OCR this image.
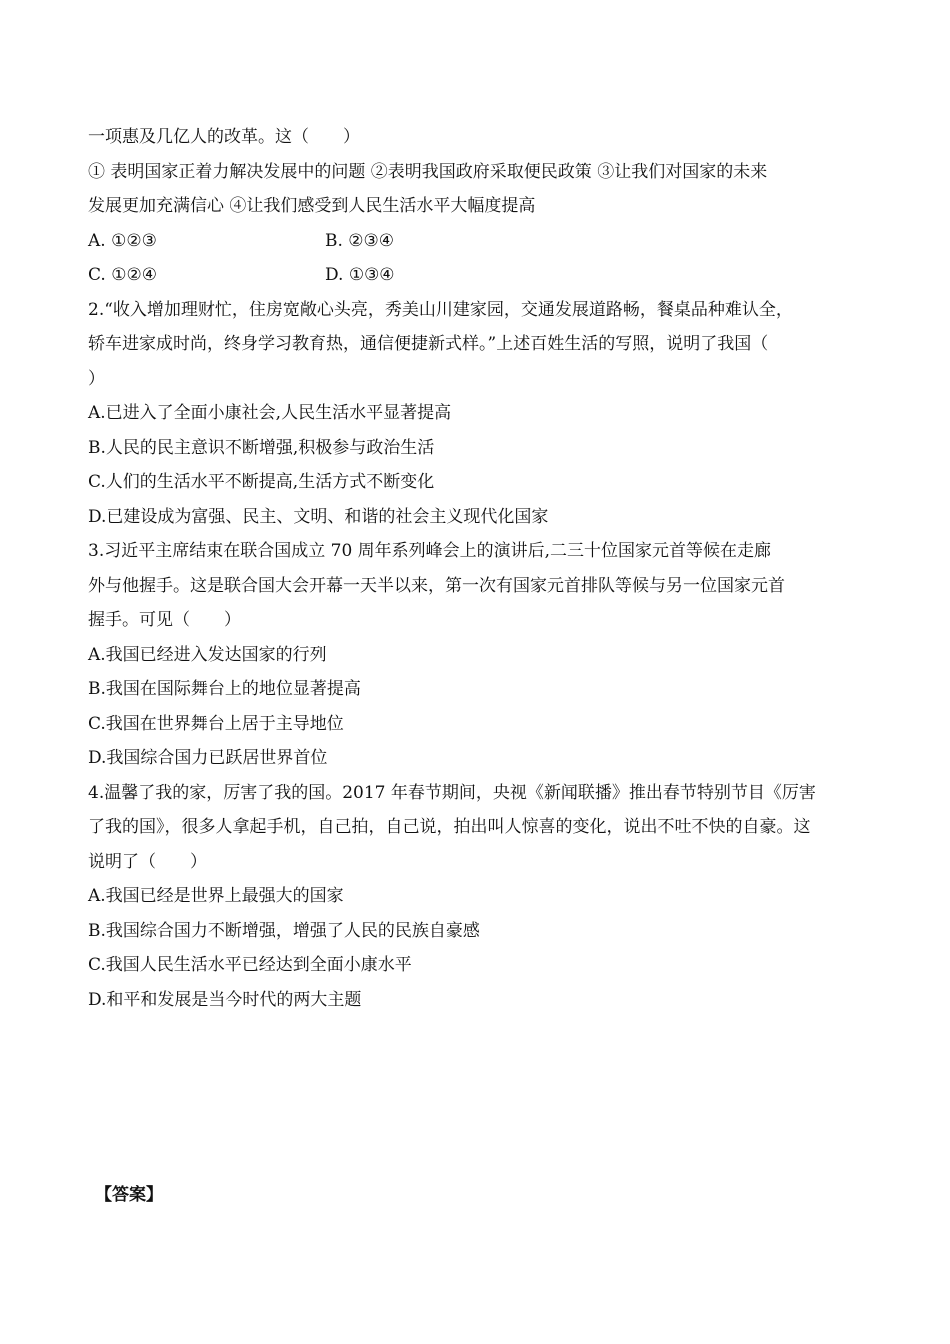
一项惠及几亿人的改革。这（　　）
① 表明国家正着力解决发展中的问题 ②表明我国政府采取便民政策 ③让我们对国家的未来
发展更加充满信心 ④让我们感受到人民生活水平大幅度提高
A. ①②③	B. ②③④
C. ①②④	D. ①③④
2.“收入增加理财忙，住房宽敞心头亮，秀美山川建家园，交通发展道路畅，餐桌品种难认全，
轿车进家成时尚，终身学习教育热，通信便捷新式样。”上述百姓生活的写照，说明了我国（
）
A.已进入了全面小康社会,人民生活水平显著提高
B.人民的民主意识不断增强,积极参与政治生活
C.人们的生活水平不断提高,生活方式不断变化
D.已建设成为富强、民主、文明、和谐的社会主义现代化国家
3.习近平主席结束在联合国成立 70 周年系列峰会上的演讲后,二三十位国家元首等候在走廊
外与他握手。这是联合国大会开幕一天半以来，第一次有国家元首排队等候与另一位国家元首
握手。可见（　　）
A.我国已经进入发达国家的行列
B.我国在国际舞台上的地位显著提高
C.我国在世界舞台上居于主导地位
D.我国综合国力已跃居世界首位
4.温馨了我的家，厉害了我的国。2017 年春节期间，央视《新闻联播》推出春节特别节目《厉害
了我的国》，很多人拿起手机，自己拍，自己说，拍出叫人惊喜的变化，说出不吐不快的自豪。这
说明了（　　）
A.我国已经是世界上最强大的国家
B.我国综合国力不断增强，增强了人民的民族自豪感
C.我国人民生活水平已经达到全面小康水平
D.和平和发展是当今时代的两大主题
【答案】
